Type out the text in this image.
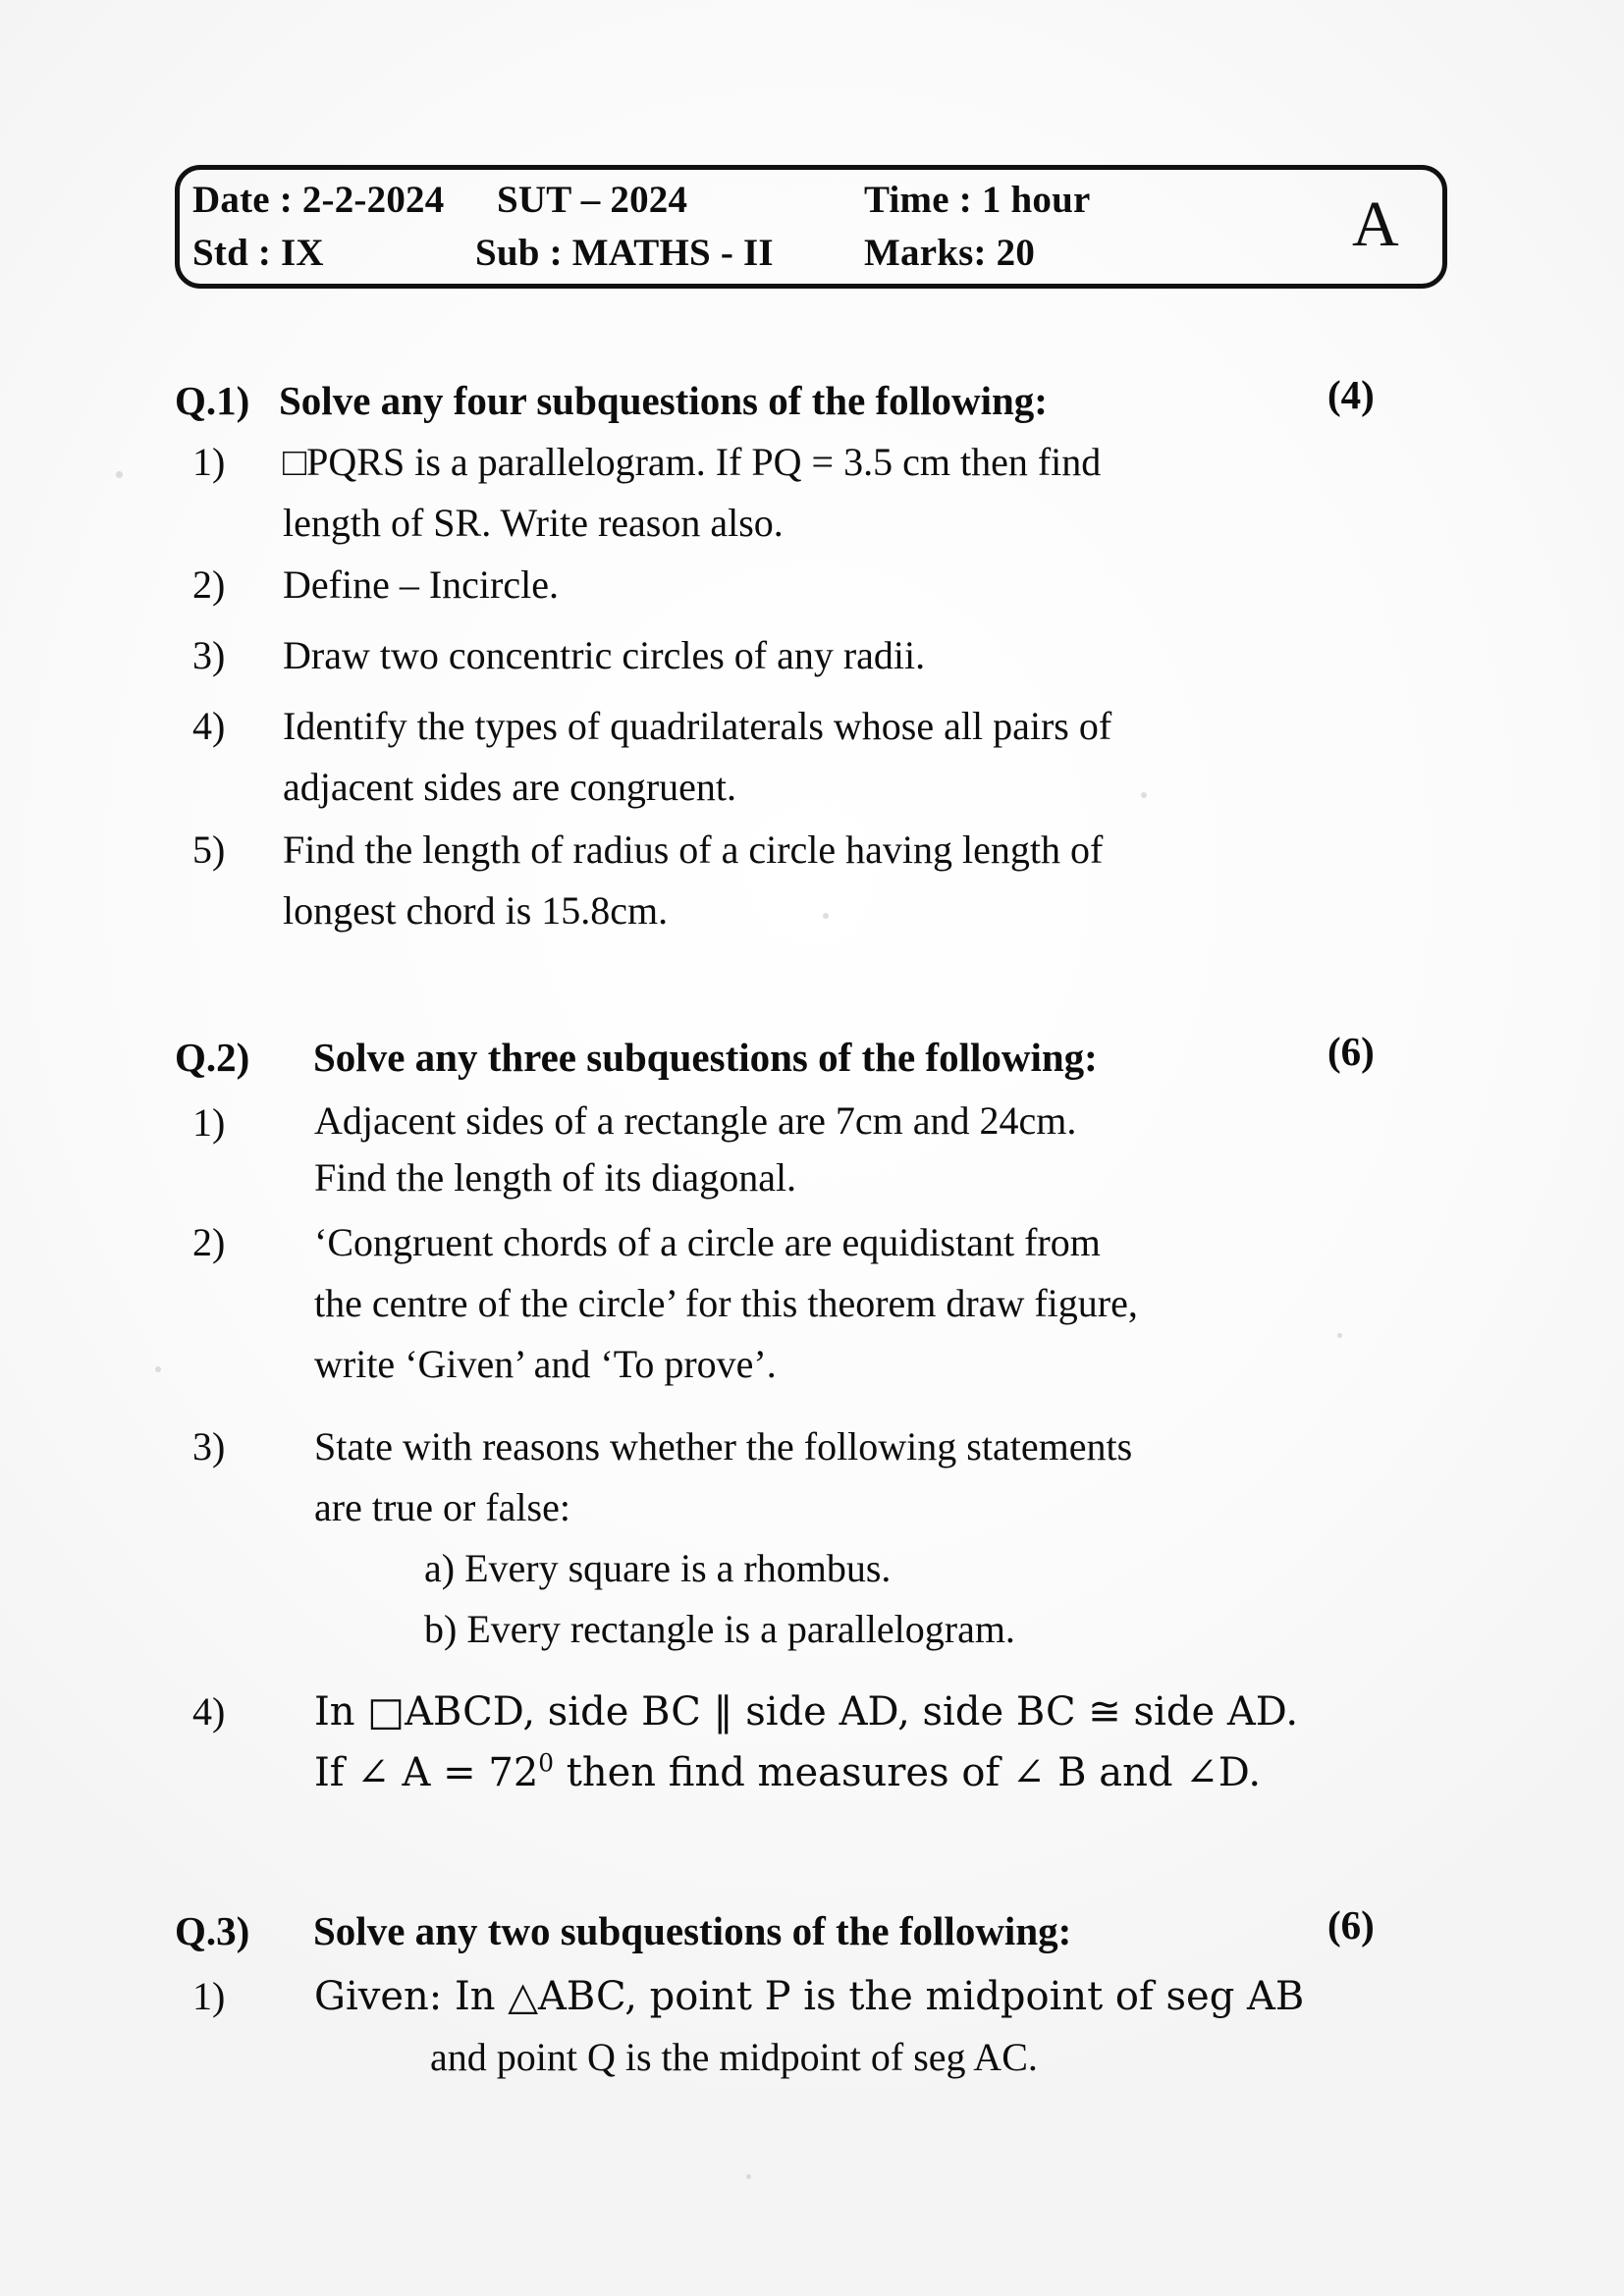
Date : 2-2-2024 SUT – 2024	Time : 1 hour
Std : IX	Sub : MATHS - II Marks: 20	A
Q.1) Solve any four subquestions of the following:	(4)
1)	□PQRS is a parallelogram. If PQ = 3.5 cm then find
length of SR. Write reason also.
2)	Define – Incircle.
3)	Draw two concentric circles of any radii.
4)	Identify the types of quadrilaterals whose all pairs of
adjacent sides are congruent.
5)	Find the length of radius of a circle having length of
longest chord is 15.8cm.
Q.2) Solve any three subquestions of the following:	(6)
1)	Adjacent sides of a rectangle are 7cm and 24cm.
Find the length of its diagonal.
2)	‘Congruent chords of a circle are equidistant from
the centre of the circle’ for this theorem draw figure,
write ‘Given’ and ‘To prove’.
3)	State with reasons whether the following statements
are true or false:
a) Every square is a rhombus.
b) Every rectangle is a parallelogram.
4)	In □ABCD, side BC ‖ side AD, side BC ≅ side AD.
If ∠ $A = 72^0$ then find measures of ∠ B and ∠D.
Q.3) Solve any two subquestions of the following:	(6)
1)	Given: In △ABC, point P is the midpoint of seg AB
and point Q is the midpoint of seg AC.
